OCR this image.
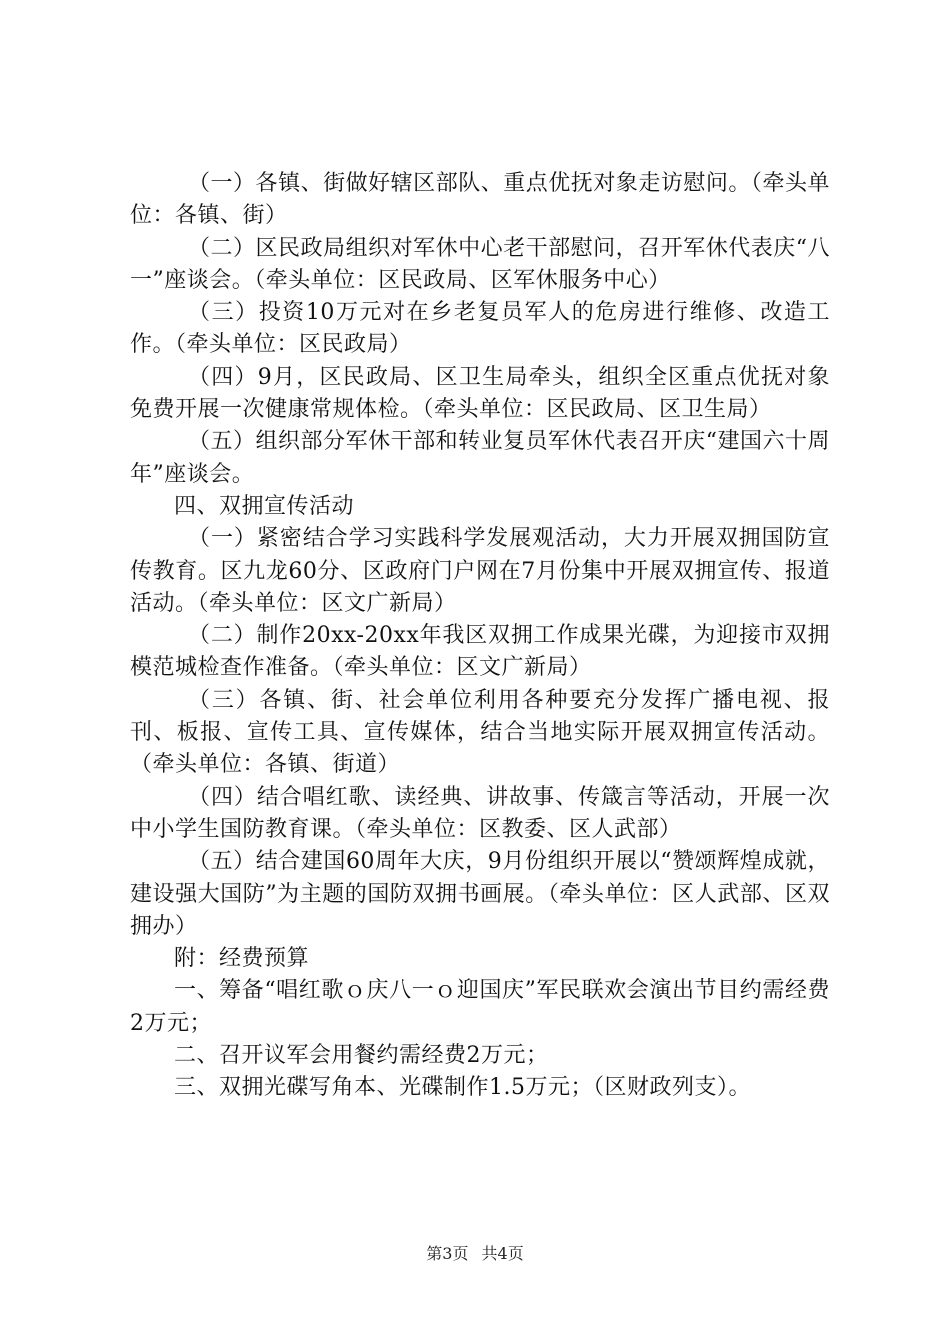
（一）各镇、街做好辖区部队、重点优抚对象走访慰问。（牵头单位：各镇、街）

（二）区民政局组织对军休中心老干部慰问，召开军休代表庆“八一”座谈会。（牵头单位：区民政局、区军休服务中心）

（三）投资10万元对在乡老复员军人的危房进行维修、改造工作。（牵头单位：区民政局）

（四）9月，区民政局、区卫生局牵头，组织全区重点优抚对象免费开展一次健康常规体检。（牵头单位：区民政局、区卫生局）

（五）组织部分军休干部和转业复员军休代表召开庆“建国六十周年”座谈会。

四、双拥宣传活动

（一）紧密结合学习实践科学发展观活动，大力开展双拥国防宣传教育。区九龙60分、区政府门户网在7月份集中开展双拥宣传、报道活动。（牵头单位：区文广新局）

（二）制作20xx-20xx年我区双拥工作成果光碟，为迎接市双拥模范城检查作准备。（牵头单位：区文广新局）

（三）各镇、街、社会单位利用各种要充分发挥广播电视、报刊、板报、宣传工具、宣传媒体，结合当地实际开展双拥宣传活动。（牵头单位：各镇、街道）

（四）结合唱红歌、读经典、讲故事、传箴言等活动，开展一次中小学生国防教育课。（牵头单位：区教委、区人武部）

（五）结合建国60周年大庆，9月份组织开展以“赞颂辉煌成就，建设强大国防”为主题的国防双拥书画展。（牵头单位：区人武部、区双拥办）

附：经费预算

一、筹备“唱红歌ｏ庆八一ｏ迎国庆”军民联欢会演出节目约需经费2万元；

二、召开议军会用餐约需经费2万元；

三、双拥光碟写角本、光碟制作1.5万元；（区财政列支）。

第3页 共4页
